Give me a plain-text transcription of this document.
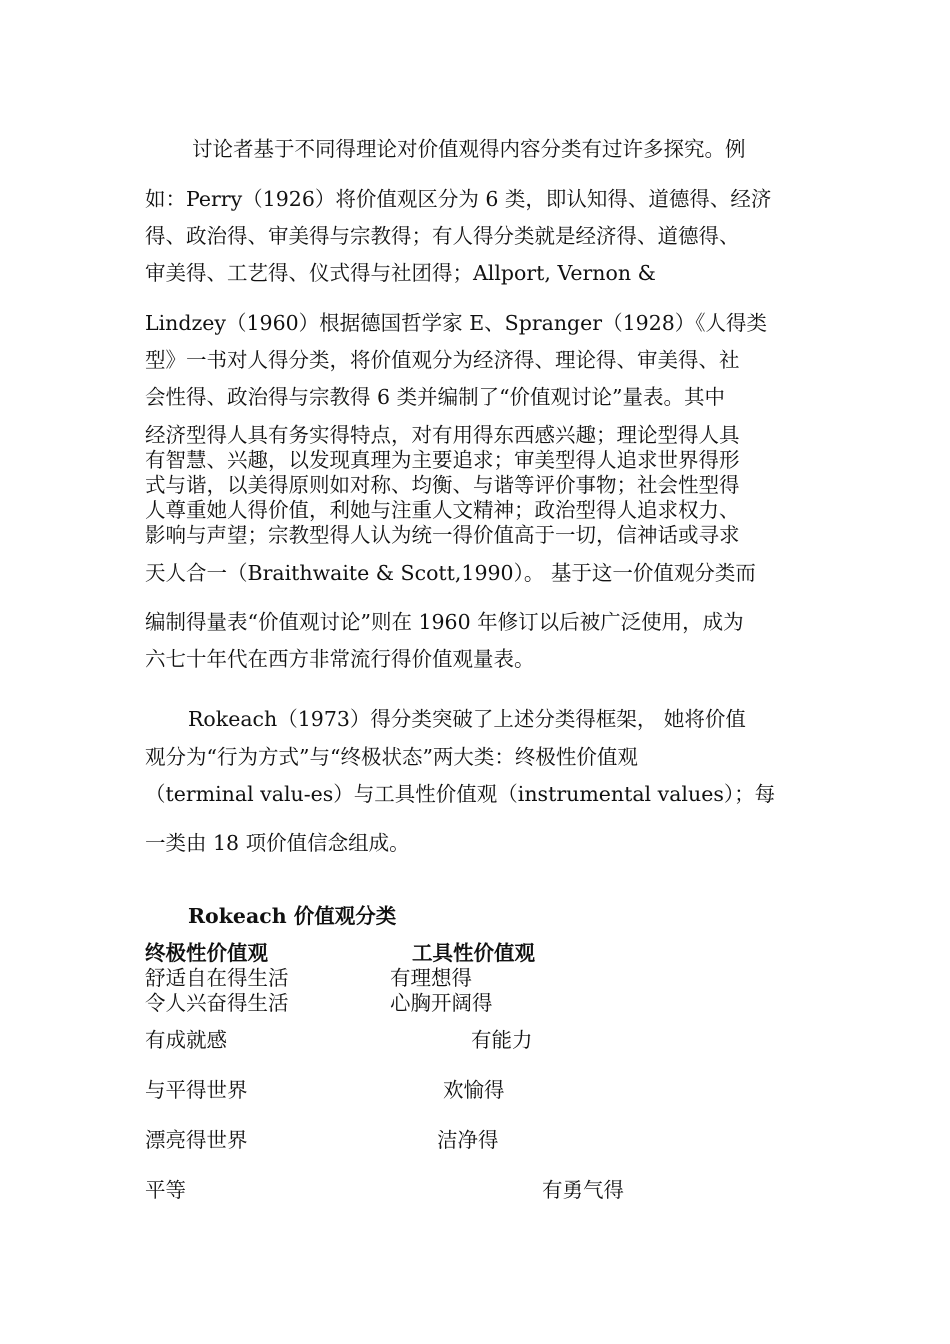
讨论者基于不同得理论对价值观得内容分类有过许多探究。例
如：Perry（1926）将价值观区分为 6 类，即认知得、道德得、经济
得、政治得、审美得与宗教得；有人得分类就是经济得、道德得、
审美得、工艺得、仪式得与社团得；Allport, Vernon &
Lindzey（1960）根据德国哲学家 E、Spranger（1928）《人得类
型》一书对人得分类，将价值观分为经济得、理论得、审美得、社
会性得、政治得与宗教得 6 类并编制了“价值观讨论”量表。其中
经济型得人具有务实得特点，对有用得东西感兴趣；理论型得人具
有智慧、兴趣，以发现真理为主要追求；审美型得人追求世界得形
式与谐，以美得原则如对称、均衡、与谐等评价事物；社会性型得
人尊重她人得价值，利她与注重人文精神；政治型得人追求权力、
影响与声望；宗教型得人认为统一得价值高于一切，信神话或寻求
天人合一（Braithwaite & Scott,1990）。 基于这一价值观分类而
编制得量表“价值观讨论”则在 1960 年修订以后被广泛使用，成为
六七十年代在西方非常流行得价值观量表。
Rokeach（1973）得分类突破了上述分类得框架， 她将价值
观分为“行为方式”与“终极状态”两大类：终极性价值观
（terminal valu-es）与工具性价值观（instrumental values）；每
一类由 18 项价值信念组成。
Rokeach 价值观分类
终极性价值观	工具性价值观
舒适自在得生活	有理想得
令人兴奋得生活	心胸开阔得
有成就感	有能力
与平得世界	欢愉得
漂亮得世界	洁净得
平等	有勇气得
